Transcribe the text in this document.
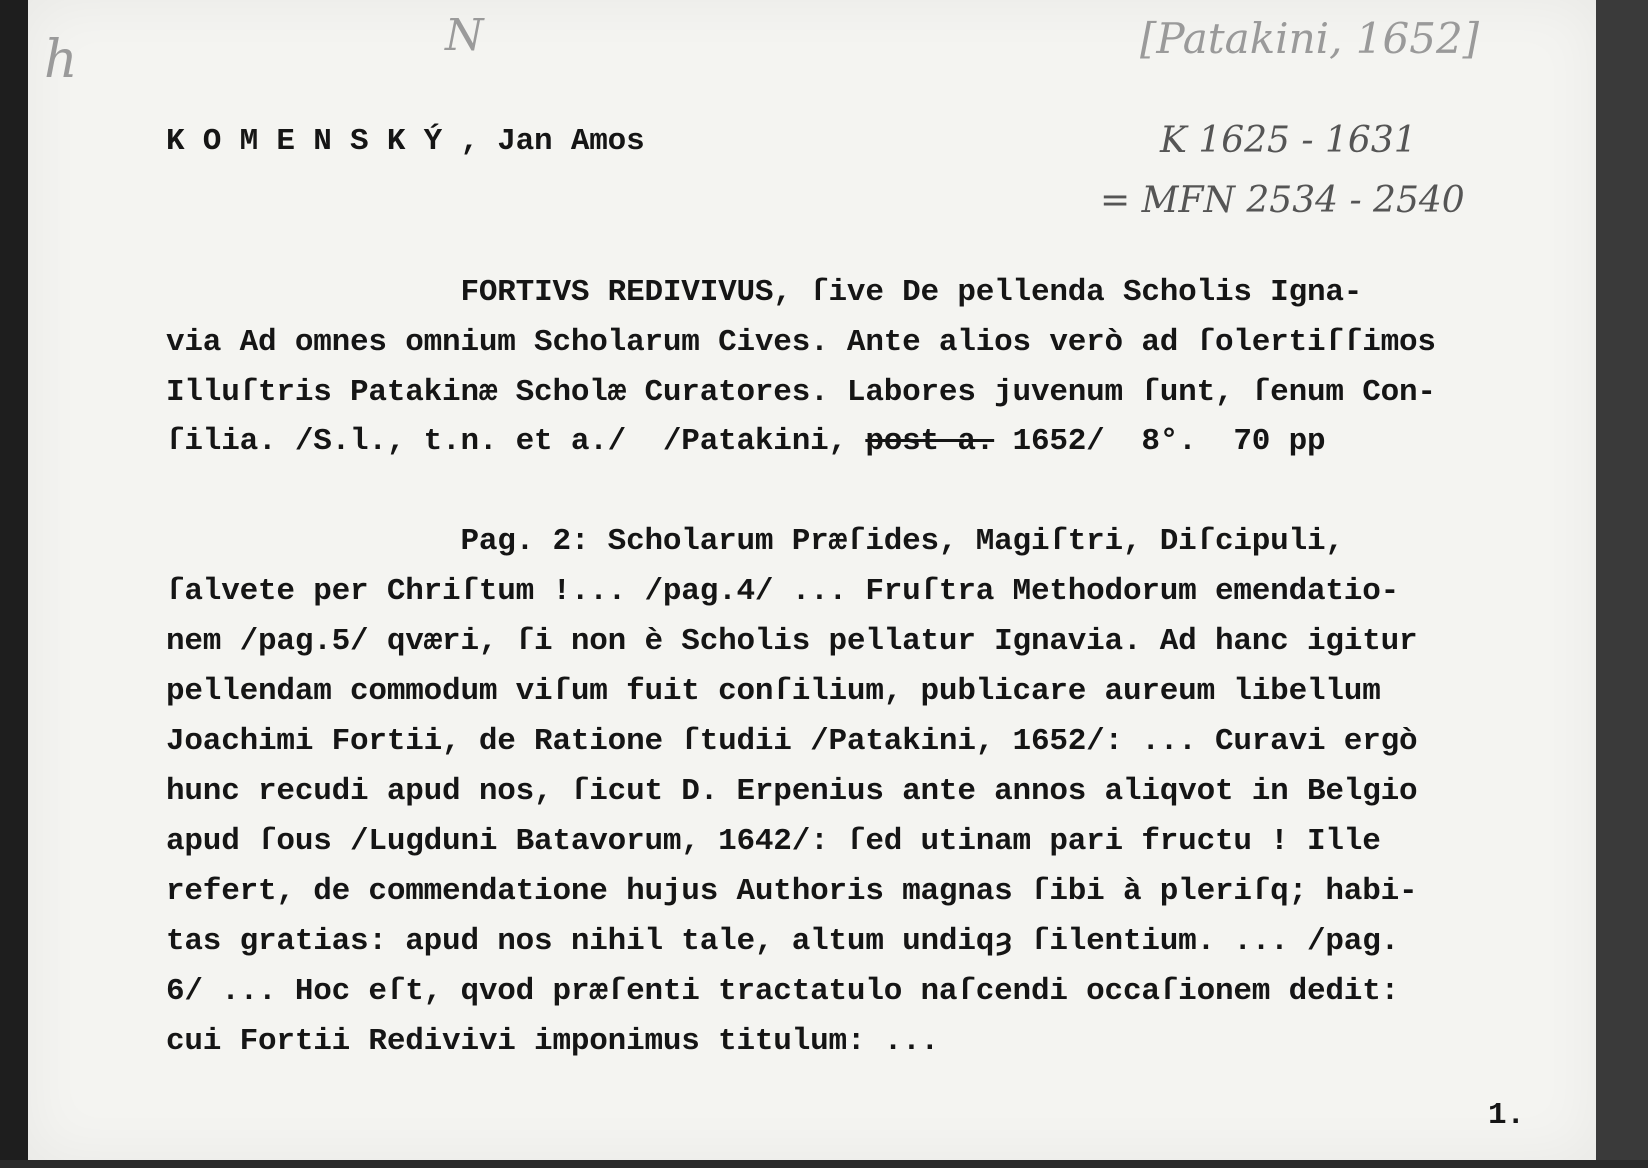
h	N	[Patakini, 1652]
K 1625 - 1631
= MFN 2534 - 2540

K O M E N S K Ý , Jan Amos

FORTIVS REDIVIVUS, ſive De pellenda Scholis Igna-

via Ad omnes omnium Scholarum Cives. Ante alios verò ad ſolertiſſimos

Illuſtris Patakinæ Scholæ Curatores. Labores juvenum ſunt, ſenum Con-

ſilia. /S.l., t.n. et a./  /Patakini, post a. 1652/  8°.  70 pp

Pag. 2: Scholarum Præſides, Magiſtri, Diſcipuli,

ſalvete per Chriſtum !... /pag.4/ ... Fruſtra Methodorum emendatio-

nem /pag.5/ qværi, ſi non è Scholis pellatur Ignavia. Ad hanc igitur

pellendam commodum viſum fuit conſilium, publicare aureum libellum

Joachimi Fortii, de Ratione ſtudii /Patakini, 1652/: ... Curavi ergò

hunc recudi apud nos, ſicut D. Erpenius ante annos aliqvot in Belgio

apud ſous /Lugduni Batavorum, 1642/: ſed utinam pari fructu ! Ille

refert, de commendatione hujus Authoris magnas ſibi à pleriſq; habi-

tas gratias: apud nos nihil tale, altum undiqȝ ſilentium. ... /pag.

6/ ... Hoc eſt, qvod præſenti tractatulo naſcendi occaſionem dedit:

cui Fortii Redivivi imponimus titulum: ...

1.
